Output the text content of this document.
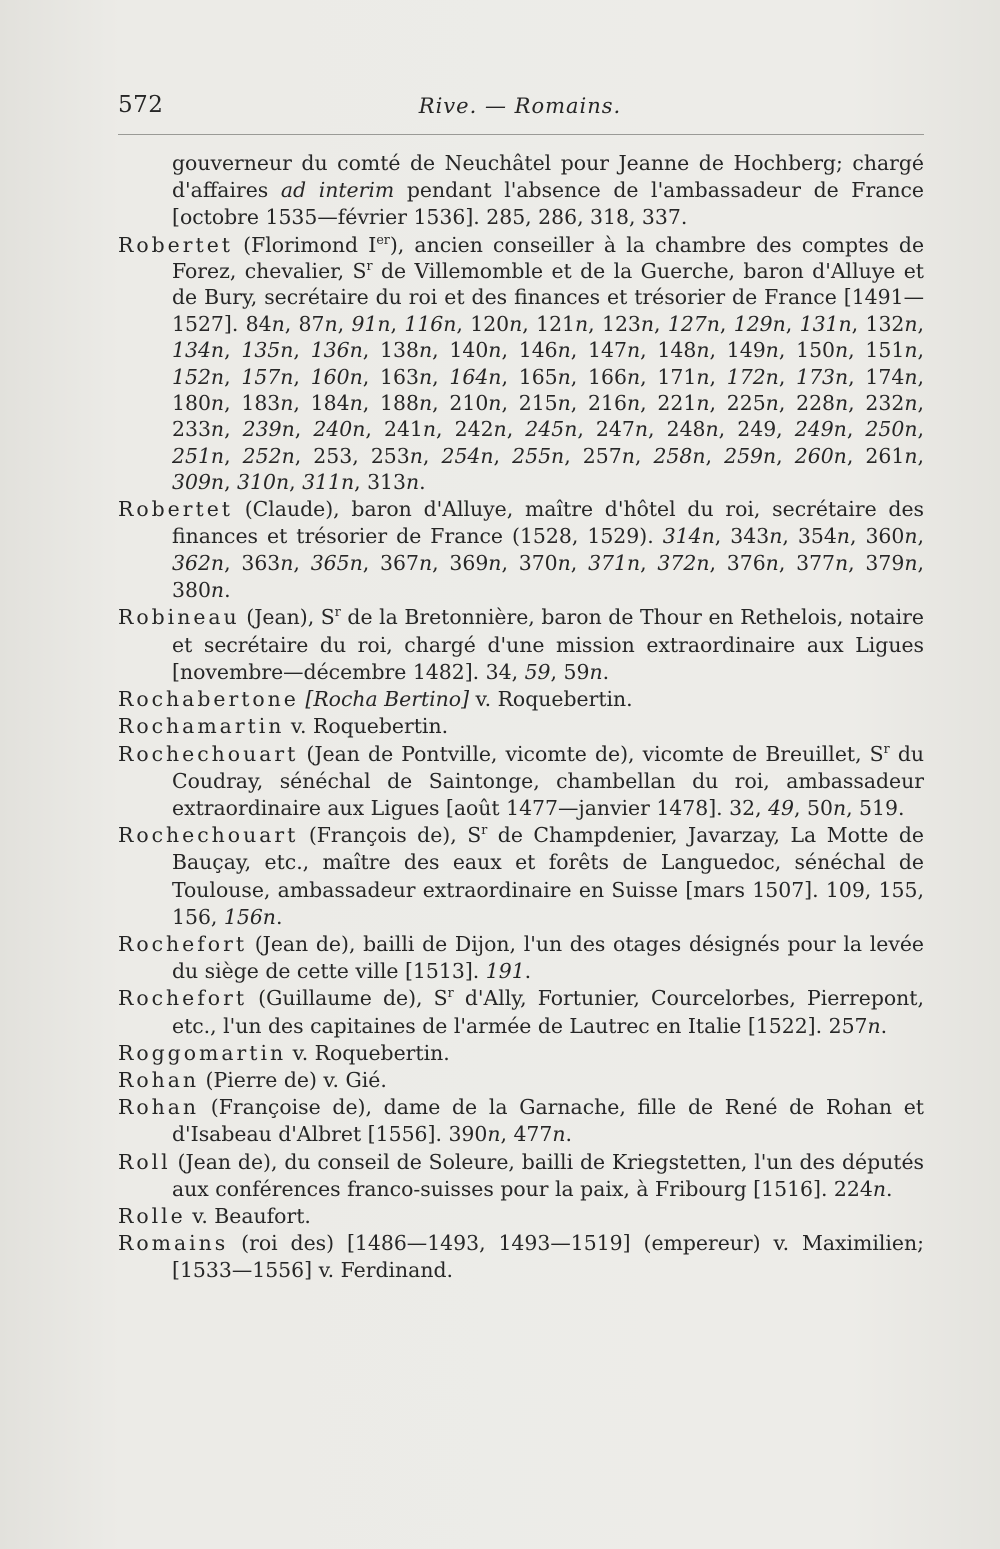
572	Rive. — Romains.

gouverneur du comté de Neuchâtel pour Jeanne de Hochberg; chargé d'affaires ad interim pendant l'absence de l'ambassadeur de France [octobre 1535—février 1536]. 285, 286, 318, 337.

Robertet (Florimond Ier), ancien conseiller à la chambre des comptes de Forez, chevalier, $S^r$ de Villemomble et de la Guerche, baron d'Alluye et de Bury, secrétaire du roi et des finances et trésorier de France [1491—1527]. 84n, 87n, 91n, 116n, 120n, 121n, 123n, 127n, 129n, 131n, 132n, 134n, 135n, 136n, 138n, 140n, 146n, 147n, 148n, 149n, 150n, 151n, 152n, 157n, 160n, 163n, 164n, 165n, 166n, 171n, 172n, 173n, 174n, 180n, 183n, 184n, 188n, 210n, 215n, 216n, 221n, 225n, 228n, 232n, 233n, 239n, 240n, 241n, 242n, 245n, 247n, 248n, 249, 249n, 250n, 251n, 252n, 253, 253n, 254n, 255n, 257n, 258n, 259n, 260n, 261n, 309n, 310n, 311n, 313n.

Robertet (Claude), baron d'Alluye, maître d'hôtel du roi, secrétaire des finances et trésorier de France (1528, 1529). 314n, 343n, 354n, 360n, 362n, 363n, 365n, 367n, 369n, 370n, 371n, 372n, 376n, 377n, 379n, 380n.

Robineau (Jean), $S^r$ de la Bretonnière, baron de Thour en Rethelois, notaire et secrétaire du roi, chargé d'une mission extraordinaire aux Ligues [novembre—décembre 1482]. 34, 59, 59n.

Rochabertone [Rocha Bertino] v. Roquebertin.

Rochamartin v. Roquebertin.

Rochechouart (Jean de Pontville, vicomte de), vicomte de Breuillet, $S^r$ du Coudray, sénéchal de Saintonge, chambellan du roi, ambassadeur extraordinaire aux Ligues [août 1477—janvier 1478]. 32, 49, 50n, 519.

Rochechouart (François de), $S^r$ de Champdenier, Javarzay, La Motte de Bauçay, etc., maître des eaux et forêts de Languedoc, sénéchal de Toulouse, ambassadeur extraordinaire en Suisse [mars 1507]. 109, 155, 156, 156n.

Rochefort (Jean de), bailli de Dijon, l'un des otages désignés pour la levée du siège de cette ville [1513]. 191.

Rochefort (Guillaume de), $S^r$ d'Ally, Fortunier, Courcelorbes, Pierrepont, etc., l'un des capitaines de l'armée de Lautrec en Italie [1522]. 257n.

Roggomartin v. Roquebertin.

Rohan (Pierre de) v. Gié.

Rohan (Françoise de), dame de la Garnache, fille de René de Rohan et d'Isabeau d'Albret [1556]. 390n, 477n.

Roll (Jean de), du conseil de Soleure, bailli de Kriegstetten, l'un des députés aux conférences franco-suisses pour la paix, à Fribourg [1516]. 224n.

Rolle v. Beaufort.

Romains (roi des) [1486—1493, 1493—1519] (empereur) v. Maximilien; [1533—1556] v. Ferdinand.
